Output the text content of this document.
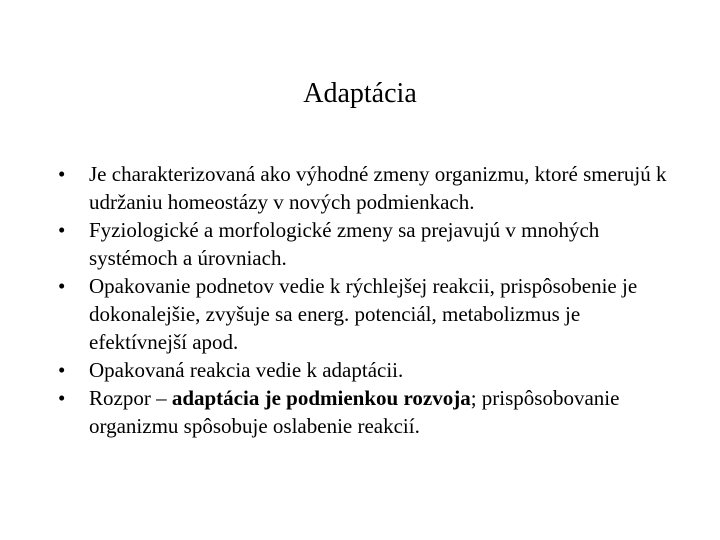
Adaptácia
•	Je charakterizovaná ako výhodné zmeny organizmu, ktoré smerujú k udržaniu homeostázy v nových podmienkach.
•	Fyziologické a morfologické zmeny sa prejavujú v mnohých systémoch a úrovniach.
•	Opakovanie podnetov vedie k rýchlejšej reakcii, prispôsobenie je dokonalejšie, zvyšuje sa energ. potenciál, metabolizmus je efektívnejší apod.
•	Opakovaná reakcia vedie k adaptácii.
•	Rozpor – adaptácia je podmienkou rozvoja; prispôsobovanie organizmu spôsobuje oslabenie reakcií.
